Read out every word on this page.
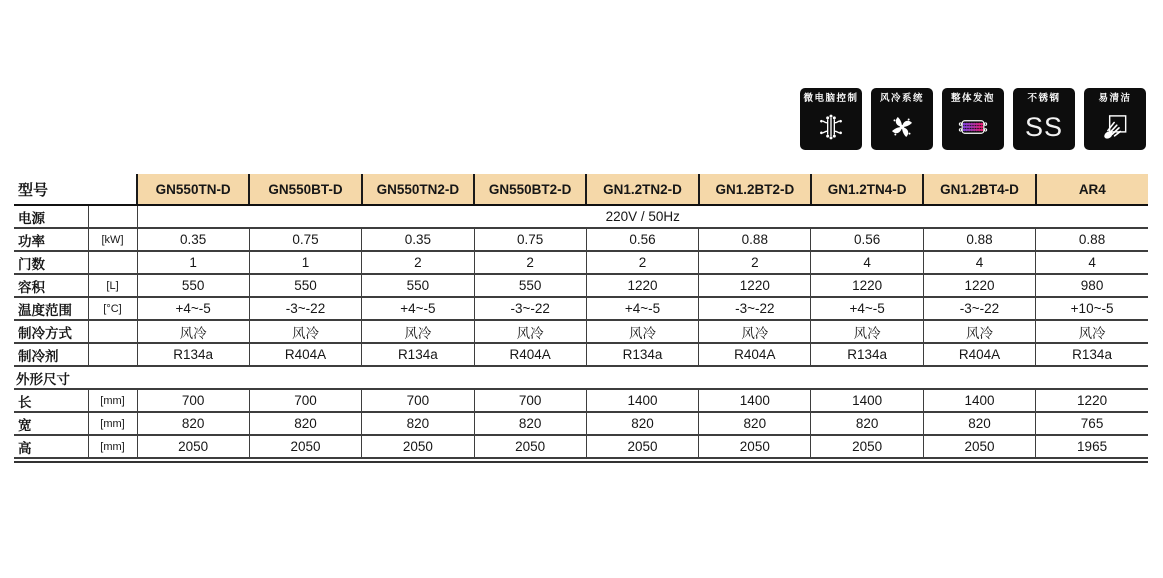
微电脑控制 风冷系统	整体发泡	不锈钢
SS
易清洁
型号		GN550TN-D	GN550BT-D	GN550TN2-D	GN550BT2-D	GN1.2TN2-D	GN1.2BT2-D	GN1.2TN4-D	GN1.2BT4-D	AR4
电源		220V / 50Hz								
功率	[kW]	0.35	0.75	0.35	0.75	0.56	0.88	0.56	0.88	0.88
门数		1	1	2	2	2	2	4	4	4
容积	[L]	550	550	550	550	1220	1220	1220	1220	980
温度范围	[°C]	+4~-5	-3~-22	+4~-5	-3~-22	+4~-5	-3~-22	+4~-5	-3~-22	+10~-5
制冷方式		风冷	风冷	风冷	风冷	风冷	风冷	风冷	风冷	风冷
制冷剂		R134a	R404A	R134a	R404A	R134a	R404A	R134a	R404A	R134a
外形尺寸										
长	[mm]	700	700	700	700	1400	1400	1400	1400	1220
宽	[mm]	820	820	820	820	820	820	820	820	765
高	[mm]	2050	2050	2050	2050	2050	2050	2050	2050	1965
